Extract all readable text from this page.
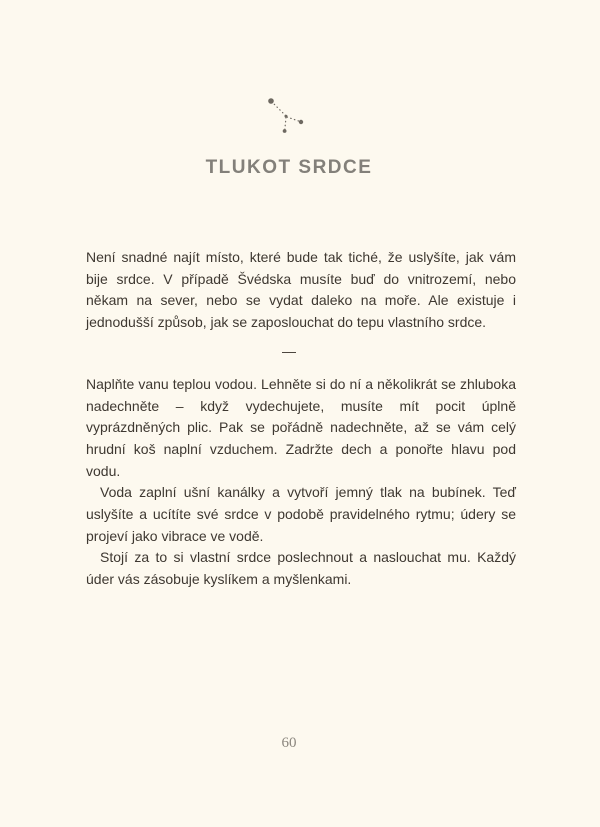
TLUKOT SRDCE

Není snadné najít místo, které bude tak tiché, že uslyšíte, jak vám bije srdce. V případě Švédska musíte buď do vnitrozemí, nebo někam na sever, nebo se vydat daleko na moře. Ale existuje i jednodušší způsob, jak se zaposlouchat do tepu vlastního srdce.

—

Naplňte vanu teplou vodou. Lehněte si do ní a několikrát se zhluboka nadechněte – když vydechujete, musíte mít pocit úplně vyprázdněných plic. Pak se pořádně nadechněte, až se vám celý hrudní koš naplní vzduchem. Zadržte dech a ponořte hlavu pod vodu.

Voda zaplní ušní kanálky a vytvoří jemný tlak na bubínek. Teď uslyšíte a ucítíte své srdce v podobě pravidelného rytmu; údery se projeví jako vibrace ve vodě.

Stojí za to si vlastní srdce poslechnout a naslouchat mu. Každý úder vás zásobuje kyslíkem a myšlenkami.

60
